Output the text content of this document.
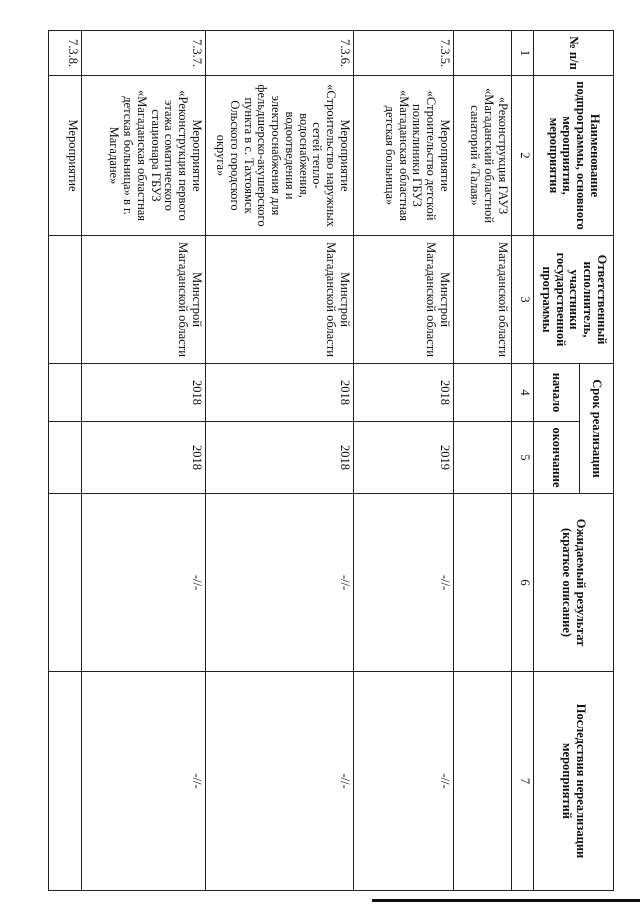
№ п/п	Наименование подпрограммы, основного мероприятия, мероприятия	Ответственный исполнитель, участники государственной программы	Срок реализации		Ожидаемый результат (краткое описание)	Последствия нереализации мероприятий
			начало	окончание		
1	2	3	4	5	6	7
	«Реконструкция ГАУЗ «Магаданский областной санаторий «Талая»	Магаданской области				
7.3.5.	Мероприятие «Строительство детской поликлиники ГБУЗ «Магаданская областная детская больница»	Минстрой Магаданской области	2018	2019	-//-	-//-
7.3.6.	Мероприятие «Строительство наружных сетей тепло-водоснабжения, водоотведения и электроснабжения для фельдшерско-акушерского пункта в с. Тахтоямск Ольского городского округа»	Минстрой Магаданской области	2018	2018	-//-	-//-
7.3.7.	Мероприятие «Реконструкция первого этажа соматического стационара ГБУЗ «Магаданская областная детская больница» в г. Магадане»	Минстрой Магаданской области	2018	2018	-//-	-//-
7.3.8.	Мероприятие					
